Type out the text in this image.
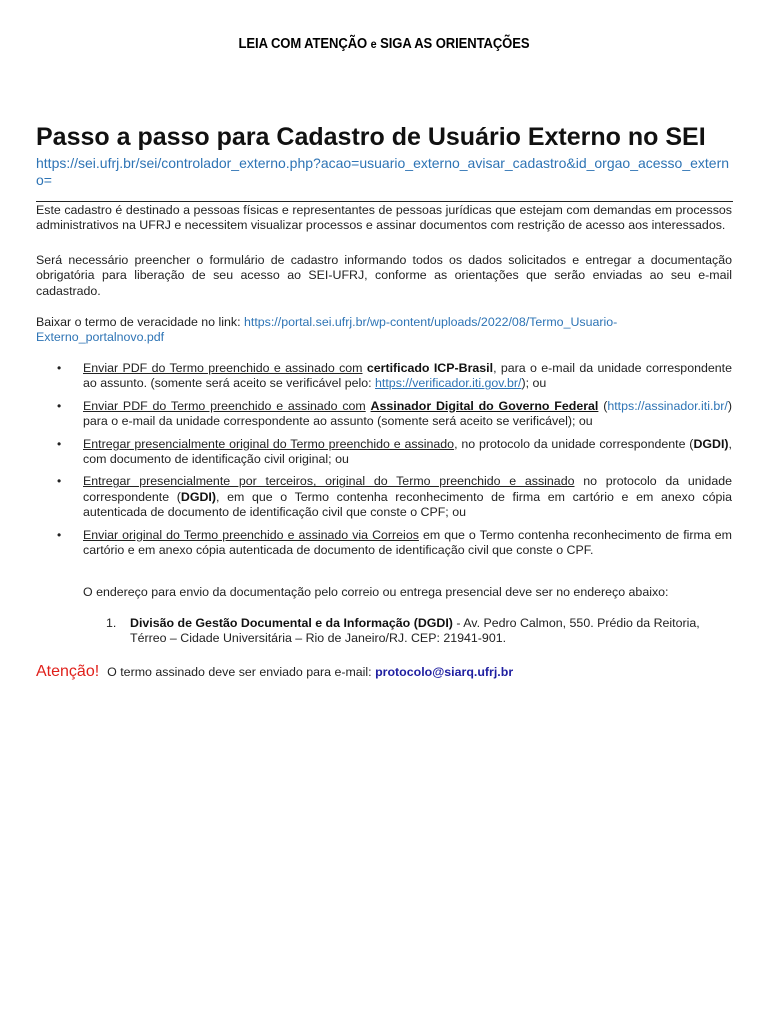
LEIA COM ATENÇÃO e SIGA AS ORIENTAÇÕES
Passo a passo para Cadastro de Usuário Externo no SEI
https://sei.ufrj.br/sei/controlador_externo.php?acao=usuario_externo_avisar_cadastro&id_orgao_acesso_externo=

Este cadastro é destinado a pessoas físicas e representantes de pessoas jurídicas que estejam com demandas em processos administrativos na UFRJ e necessitem visualizar processos e assinar documentos com restrição de acesso aos interessados.

Será necessário preencher o formulário de cadastro informando todos os dados solicitados e entregar a documentação obrigatória para liberação de seu acesso ao SEI-UFRJ, conforme as orientações que serão enviadas ao seu e-mail cadastrado.

Baixar o termo de veracidade no link: https://portal.sei.ufrj.br/wp-content/uploads/2022/08/Termo_Usuario-Externo_portalnovo.pdf

• Enviar PDF do Termo preenchido e assinado com certificado ICP-Brasil, para o e-mail da unidade correspondente ao assunto. (somente será aceito se verificável pelo: https://verificador.iti.gov.br/); ou
• Enviar PDF do Termo preenchido e assinado com Assinador Digital do Governo Federal (https://assinador.iti.br/) para o e-mail da unidade correspondente ao assunto (somente será aceito se verificável); ou
• Entregar presencialmente original do Termo preenchido e assinado, no protocolo da unidade correspondente (DGDI), com documento de identificação civil original; ou
• Entregar presencialmente por terceiros, original do Termo preenchido e assinado no protocolo da unidade correspondente (DGDI), em que o Termo contenha reconhecimento de firma em cartório e em anexo cópia autenticada de documento de identificação civil que conste o CPF; ou
• Enviar original do Termo preenchido e assinado via Correios em que o Termo contenha reconhecimento de firma em cartório e em anexo cópia autenticada de documento de identificação civil que conste o CPF.
O endereço para envio da documentação pelo correio ou entrega presencial deve ser no endereço abaixo:
1.	Divisão de Gestão Documental e da Informação (DGDI) - Av. Pedro Calmon, 550. Prédio da Reitoria, Térreo – Cidade Universitária – Rio de Janeiro/RJ. CEP: 21941-901.
Atenção! O termo assinado deve ser enviado para e-mail: protocolo@siarq.ufrj.br
